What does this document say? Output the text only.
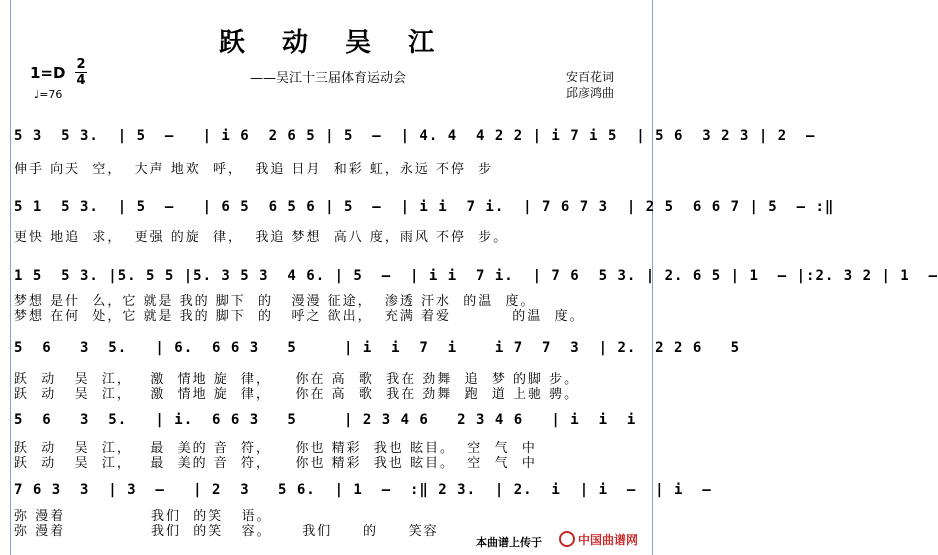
跃 动 吴 江
——吴江十三届体育运动会
1=D 2
4
♩=76
安百花词
邱彦鸿曲
5 3  5 3.  | 5  –   | i 6  2 6 5 | 5  –  | 4. 4  4 2 2 | i 7 i 5  | 5 6  3 2 3 | 2  –
伸手 向天  空，  大声 地欢  呼，  我追 日月  和彩 虹，永远 不停  步
5 1  5 3.  | 5  –   | 6 5  6 5 6 | 5  –  | i i  7 i.  | 7 6 7 3  | 2 5  6 6 7 | 5  – :‖
更快 地追  求，  更强 的旋  律，  我追 梦想  高八 度，雨风 不停  步。
1 5  5 3. |5. 5 5 |5. 3 5 3  4 6. | 5  –  | i i  7 i.  | 7 6  5 3. | 2. 6 5 | 1  – |:2. 3 2 | 1  –
梦想 是什  么，它 就是 我的 脚下  的   漫漫 征途，  渗透 汗水  的温  度。
梦想 在何  处，它 就是 我的 脚下  的   呼之 欲出，  充满 着爱          的温  度。
5  6   3  5.   | 6.  6 6 3   5     | i  i  7  i    i 7  7  3  | 2.  2 2 6   5
跃  动   吴  江，   激  情地 旋  律，    你在 高  歌  我在 劲舞  追  梦 的脚 步。
跃  动   吴  江，   激  情地 旋  律，    你在 高  歌  我在 劲舞  跑  道 上驰 骋。
5  6   3  5.   | i.  6 6 3   5     | 2 3 4 6   2 3 4 6   | i  i  i
跃  动   吴  江，   最  美的 音  符，    你也 精彩  我也 眩目。  空  气  中
跃  动   吴  江，   最  美的 音  符，    你也 精彩  我也 眩目。  空  气  中
7 6 3  3  | 3  –   | 2  3   5 6.  | 1  –  :‖ 2 3.  | 2.  i  | i  –  | i  –
弥 漫着              我们  的笑   语。
弥 漫着              我们  的笑   容。     我们     的     笑容
本曲谱上传于	中国曲谱网
